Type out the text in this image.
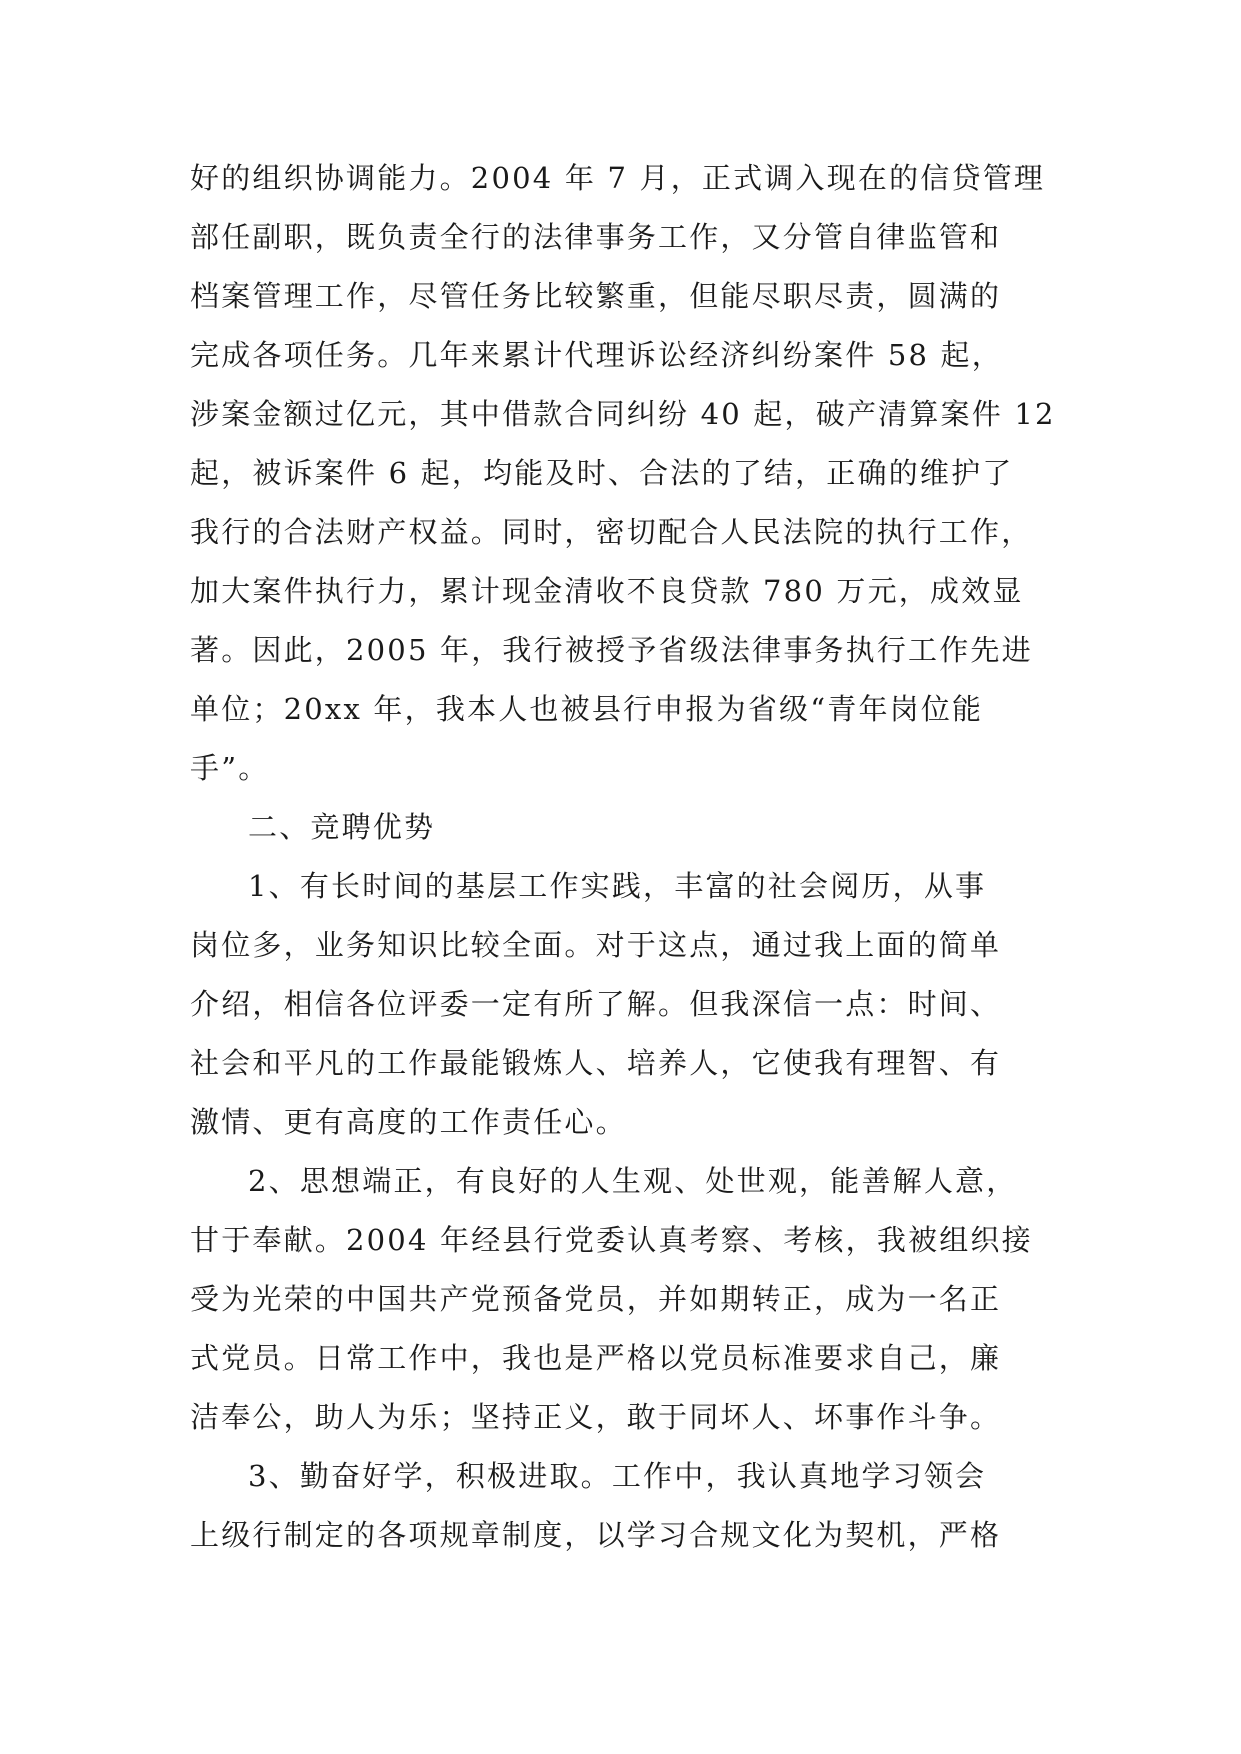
好的组织协调能力。2004 年 7 月，正式调入现在的信贷管理
部任副职，既负责全行的法律事务工作，又分管自律监管和
档案管理工作，尽管任务比较繁重，但能尽职尽责，圆满的
完成各项任务。几年来累计代理诉讼经济纠纷案件 58 起，
涉案金额过亿元，其中借款合同纠纷 40 起，破产清算案件 12
起，被诉案件 6 起，均能及时、合法的了结，正确的维护了
我行的合法财产权益。同时，密切配合人民法院的执行工作，
加大案件执行力，累计现金清收不良贷款 780 万元，成效显
著。因此，2005 年，我行被授予省级法律事务执行工作先进
单位；20xx 年，我本人也被县行申报为省级“青年岗位能
手”。
二、竞聘优势
1、有长时间的基层工作实践，丰富的社会阅历，从事
岗位多，业务知识比较全面。对于这点，通过我上面的简单
介绍，相信各位评委一定有所了解。但我深信一点：时间、
社会和平凡的工作最能锻炼人、培养人，它使我有理智、有
激情、更有高度的工作责任心。
2、思想端正，有良好的人生观、处世观，能善解人意，
甘于奉献。2004 年经县行党委认真考察、考核，我被组织接
受为光荣的中国共产党预备党员，并如期转正，成为一名正
式党员。日常工作中，我也是严格以党员标准要求自己，廉
洁奉公，助人为乐；坚持正义，敢于同坏人、坏事作斗争。
3、勤奋好学，积极进取。工作中，我认真地学习领会
上级行制定的各项规章制度，以学习合规文化为契机，严格
